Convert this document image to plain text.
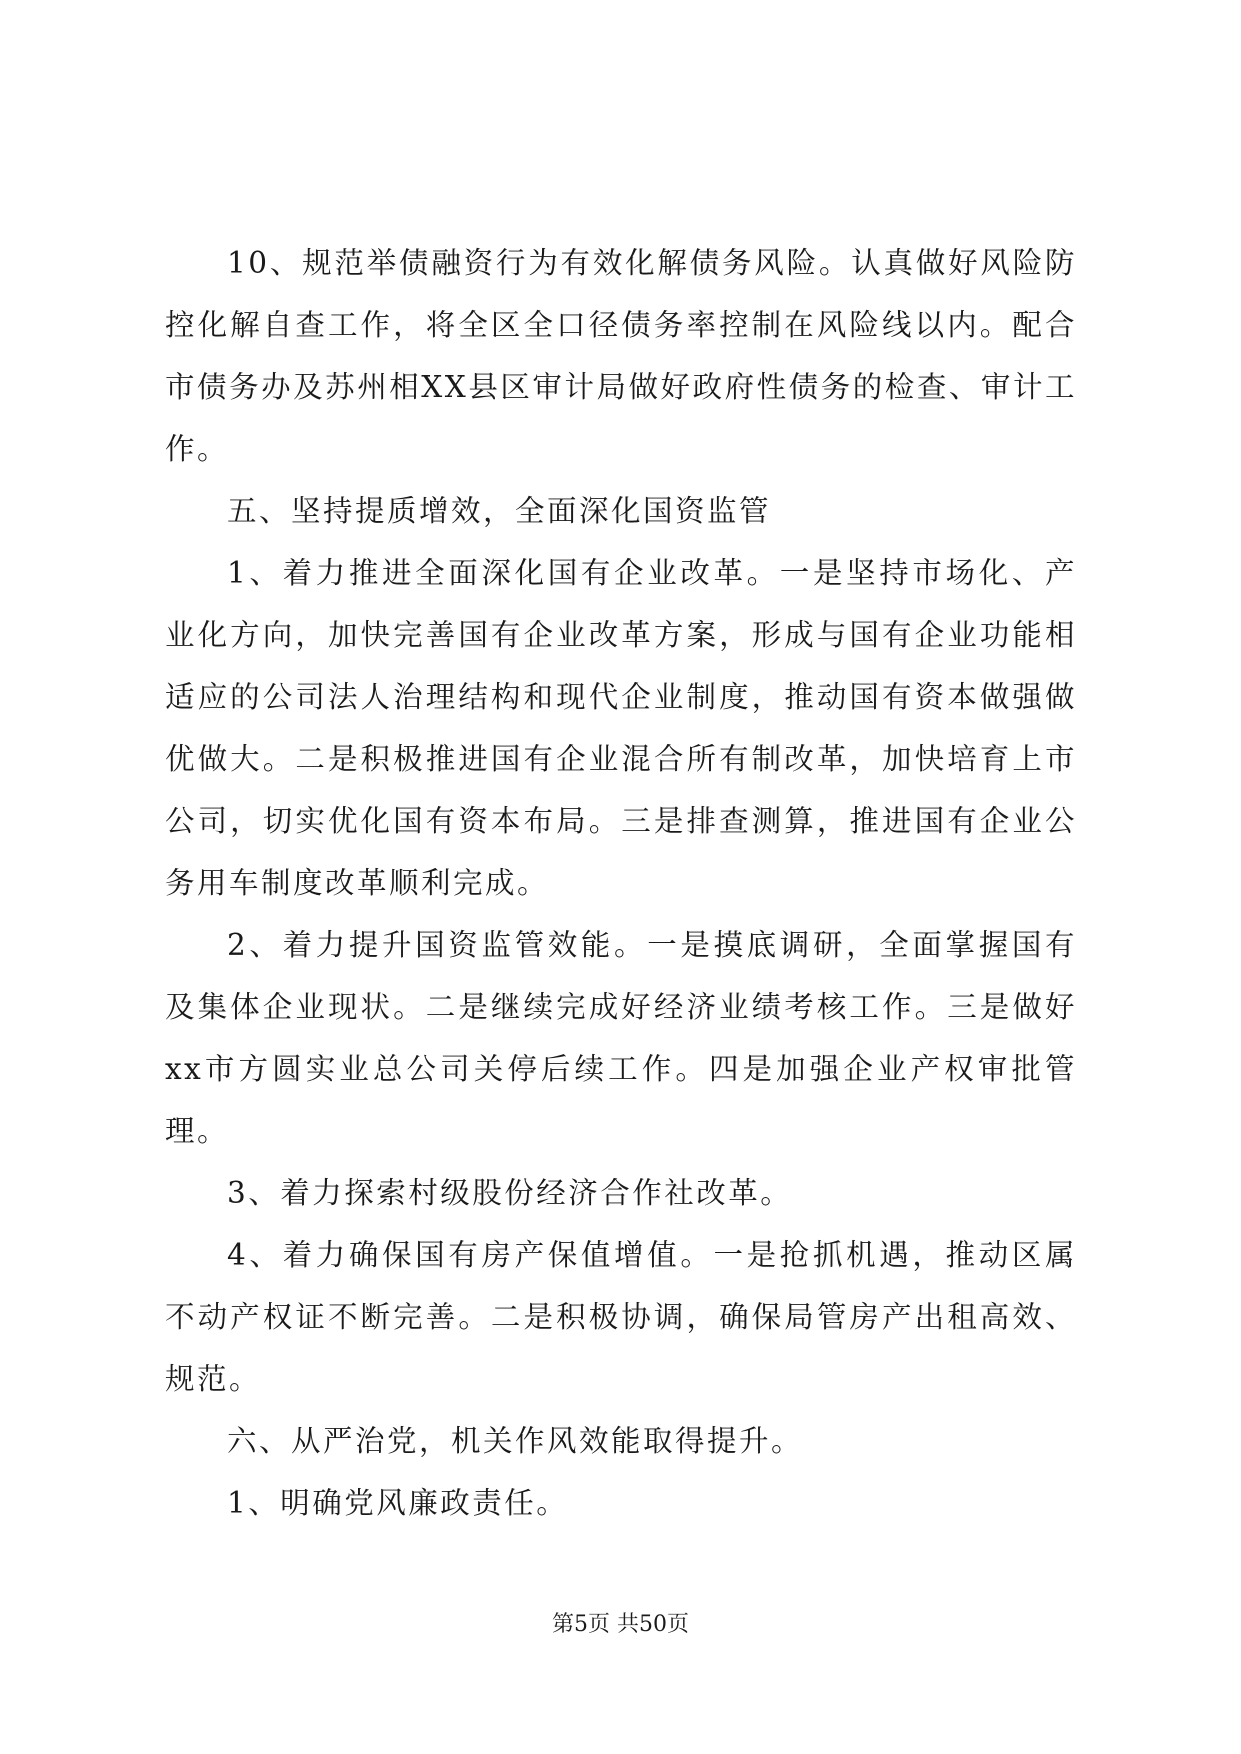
10、规范举债融资行为有效化解债务风险。认真做好风险防控化解自查工作，将全区全口径债务率控制在风险线以内。配合市债务办及苏州相XX县区审计局做好政府性债务的检查、审计工作。

五、坚持提质增效，全面深化国资监管

1、着力推进全面深化国有企业改革。一是坚持市场化、产业化方向，加快完善国有企业改革方案，形成与国有企业功能相适应的公司法人治理结构和现代企业制度，推动国有资本做强做优做大。二是积极推进国有企业混合所有制改革，加快培育上市公司，切实优化国有资本布局。三是排查测算，推进国有企业公务用车制度改革顺利完成。

2、着力提升国资监管效能。一是摸底调研，全面掌握国有及集体企业现状。二是继续完成好经济业绩考核工作。三是做好xx市方圆实业总公司关停后续工作。四是加强企业产权审批管理。

3、着力探索村级股份经济合作社改革。

4、着力确保国有房产保值增值。一是抢抓机遇，推动区属不动产权证不断完善。二是积极协调，确保局管房产出租高效、规范。

六、从严治党，机关作风效能取得提升。

1、明确党风廉政责任。

第5页 共50页
